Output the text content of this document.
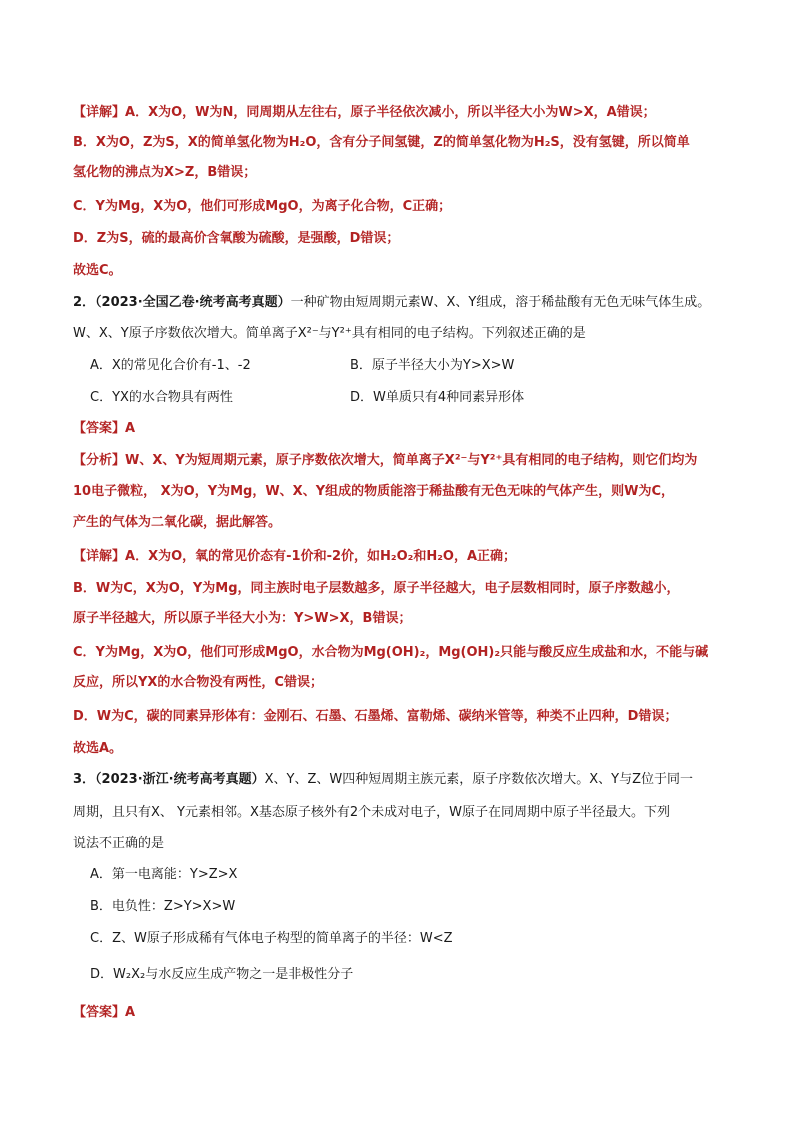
【详解】A．X为O，W为N，同周期从左往右，原子半径依次减小，所以半径大小为W>X，A错误；
B．X为O，Z为S，X的简单氢化物为H₂O，含有分子间氢键，Z的简单氢化物为H₂S，没有氢键，所以简单
氢化物的沸点为X>Z，B错误；
C．Y为Mg，X为O，他们可形成MgO，为离子化合物，C正确；
D．Z为S，硫的最高价含氧酸为硫酸，是强酸，D错误；
故选C。
2．（2023·全国乙卷·统考高考真题）一种矿物由短周期元素W、X、Y组成，溶于稀盐酸有无色无味气体生成。
W、X、Y原子序数依次增大。简单离子X²⁻与Y²⁺具有相同的电子结构。下列叙述正确的是
A．X的常见化合价有-1、-2	B．原子半径大小为Y>X>W
C．YX的水合物具有两性	D．W单质只有4种同素异形体
【答案】A
【分析】W、X、Y为短周期元素，原子序数依次增大，简单离子X²⁻与Y²⁺具有相同的电子结构，则它们均为
10电子微粒， X为O，Y为Mg，W、X、Y组成的物质能溶于稀盐酸有无色无味的气体产生，则W为C，
产生的气体为二氧化碳，据此解答。
【详解】A．X为O，氧的常见价态有-1价和-2价，如H₂O₂和H₂O，A正确；
B．W为C，X为O，Y为Mg，同主族时电子层数越多，原子半径越大，电子层数相同时，原子序数越小，
原子半径越大，所以原子半径大小为：Y>W>X，B错误；
C．Y为Mg，X为O，他们可形成MgO，水合物为Mg(OH)₂，Mg(OH)₂只能与酸反应生成盐和水，不能与碱
反应，所以YX的水合物没有两性，C错误；
D．W为C，碳的同素异形体有：金刚石、石墨、石墨烯、富勒烯、碳纳米管等，种类不止四种，D错误；
故选A。
3．（2023·浙江·统考高考真题）X、Y、Z、W四种短周期主族元素，原子序数依次增大。X、Y与Z位于同一
周期，且只有X、 Y元素相邻。X基态原子核外有2个未成对电子，W原子在同周期中原子半径最大。下列
说法不正确的是
A．第一电离能：Y>Z>X
B．电负性：Z>Y>X>W
C．Z、W原子形成稀有气体电子构型的简单离子的半径：W<Z
D．W₂X₂与水反应生成产物之一是非极性分子
【答案】A
